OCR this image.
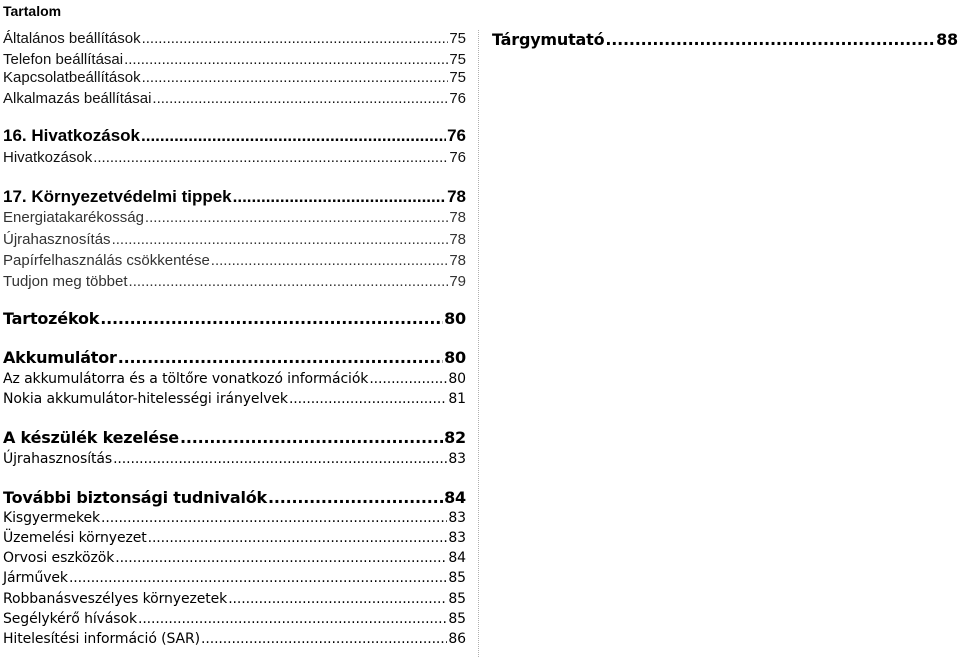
Tartalom
Általános beállítások .....	75
Telefon beállításai .....	75
Kapcsolatbeállítások .....	75
Alkalmazás beállításai .....	76
16. Hivatkozások .....	76
Hivatkozások .....	76
17. Környezetvédelmi tippek .....	78
Energiatakarékosság .....	78
Újrahasznosítás .....	78
Papírfelhasználás csökkentése .....	78
Tudjon meg többet .....	79
Tartozékok .....	80
Akkumulátor .....	80
Az akkumulátorra és a töltőre vonatkozó információk .....	80
Nokia akkumulátor-hitelességi irányelvek .....	81
A készülék kezelése .....	82
Újrahasznosítás .....	83
További biztonsági tudnivalók .....	84
Kisgyermekek .....	83
Üzemelési környezet .....	83
Orvosi eszközök .....	84
Járművek .....	85
Robbanásveszélyes környezetek .....	85
Segélykérő hívások .....	85
Hitelesítési információ (SAR) .....	86
Tárgymutató .....	88
